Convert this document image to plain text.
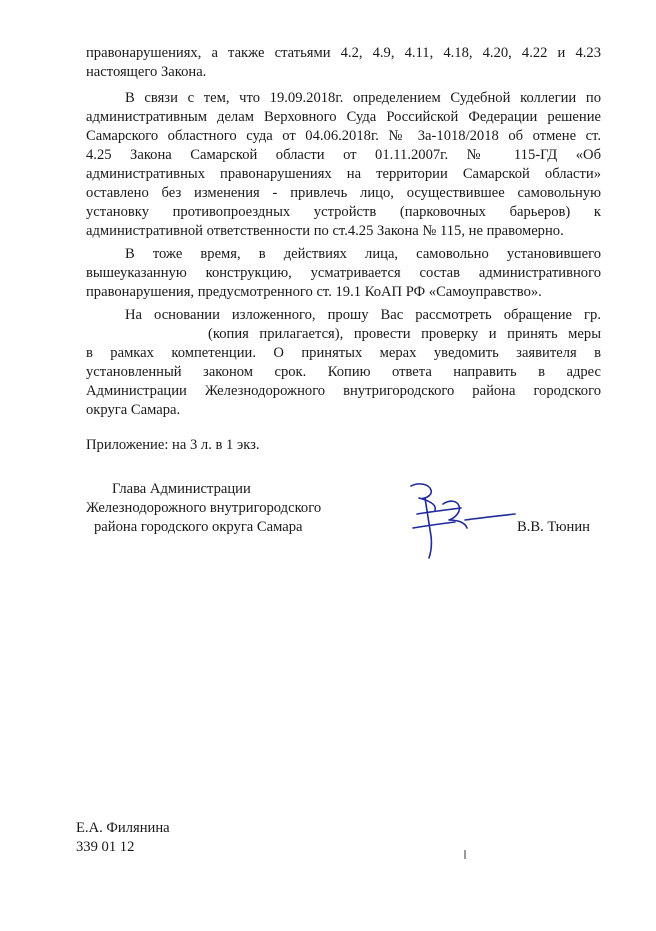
правонарушениях, а также статьями 4.2, 4.9, 4.11, 4.18, 4.20, 4.22 и 4.23
настоящего Закона.
В связи с тем, что 19.09.2018г. определением Судебной коллегии по
административным делам Верховного Суда Российской Федерации решение
Самарского областного суда от 04.06.2018г. № 3а-1018/2018 об отмене ст.
4.25 Закона Самарской области от 01.11.2007г. № 115-ГД «Об
административных правонарушениях на территории Самарской области»
оставлено без изменения - привлечь лицо, осуществившее самовольную
установку противопроездных устройств (парковочных барьеров) к
административной ответственности по ст.4.25 Закона № 115, не правомерно.
В тоже время, в действиях лица, самовольно установившего
вышеуказанную конструкцию, усматривается состав административного
правонарушения, предусмотренного ст. 19.1 КоАП РФ «Самоуправство».
На основании изложенного, прошу Вас рассмотреть обращение гр.
(копия прилагается), провести проверку и принять меры
в рамках компетенции. О принятых мерах уведомить заявителя в
установленный законом срок. Копию ответа направить в адрес
Администрации Железнодорожного внутригородского района городского
округа Самара.
Приложение: на 3 л. в 1 экз.
Глава Администрации
Железнодорожного внутригородского
района городского округа Самара	В.В. Тюнин
Е.А. Филянина
339 01 12
